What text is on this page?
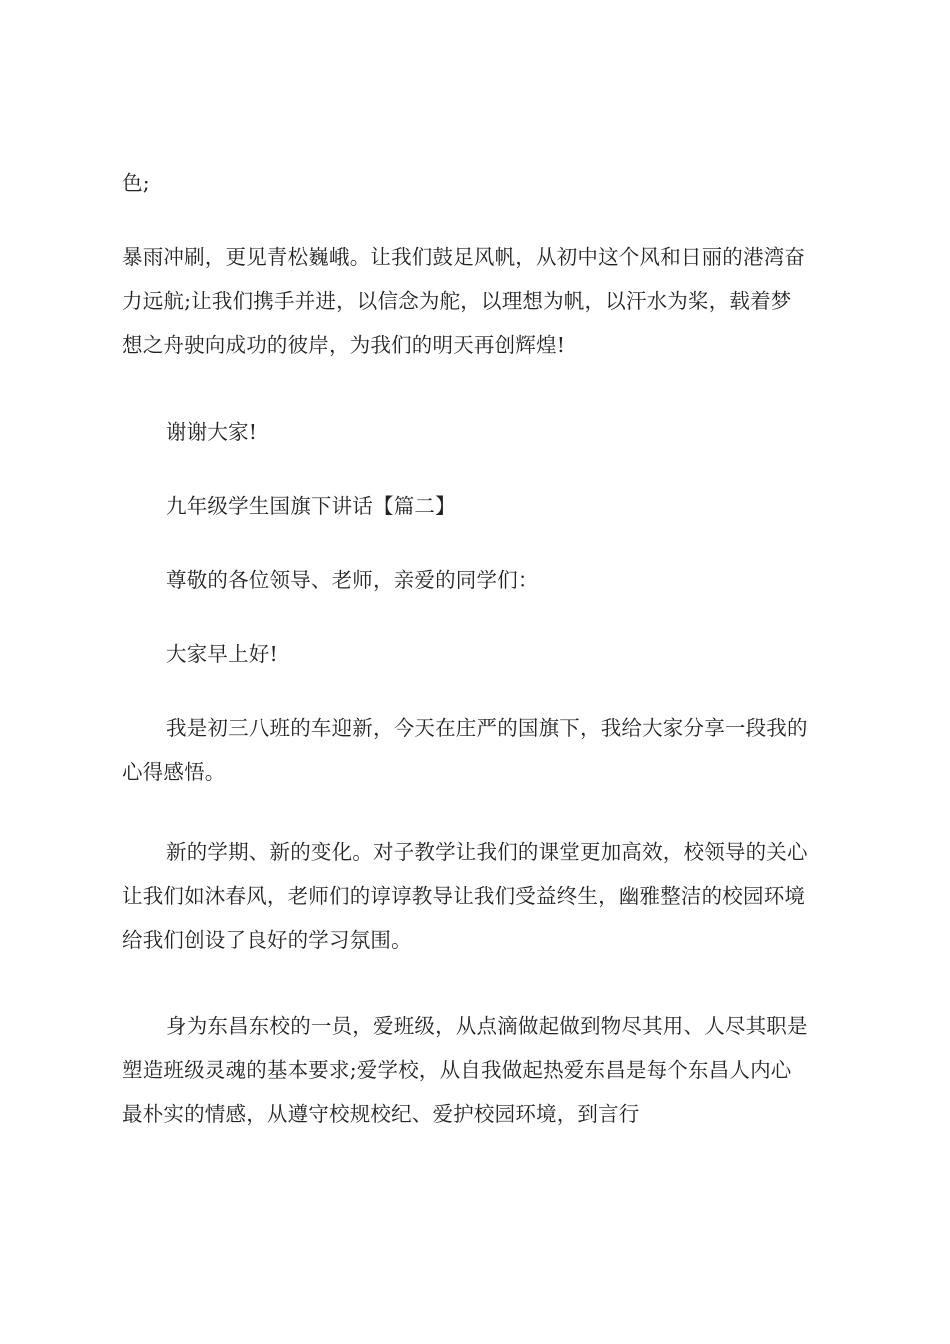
色;

暴雨冲刷，更见青松巍峨。让我们鼓足风帆，从初中这个风和日丽的港湾奋力远航;让我们携手并进，以信念为舵，以理想为帆，以汗水为桨，载着梦想之舟驶向成功的彼岸，为我们的明天再创辉煌!

谢谢大家!

九年级学生国旗下讲话【篇二】

尊敬的各位领导、老师，亲爱的同学们：

大家早上好!

我是初三八班的车迎新，今天在庄严的国旗下，我给大家分享一段我的心得感悟。

新的学期、新的变化。对子教学让我们的课堂更加高效，校领导的关心让我们如沐春风，老师们的谆谆教导让我们受益终生，幽雅整洁的校园环境给我们创设了良好的学习氛围。

身为东昌东校的一员，爱班级，从点滴做起做到物尽其用、人尽其职是塑造班级灵魂的基本要求;爱学校，从自我做起热爱东昌是每个东昌人内心最朴实的情感，从遵守校规校纪、爱护校园环境，到言行
